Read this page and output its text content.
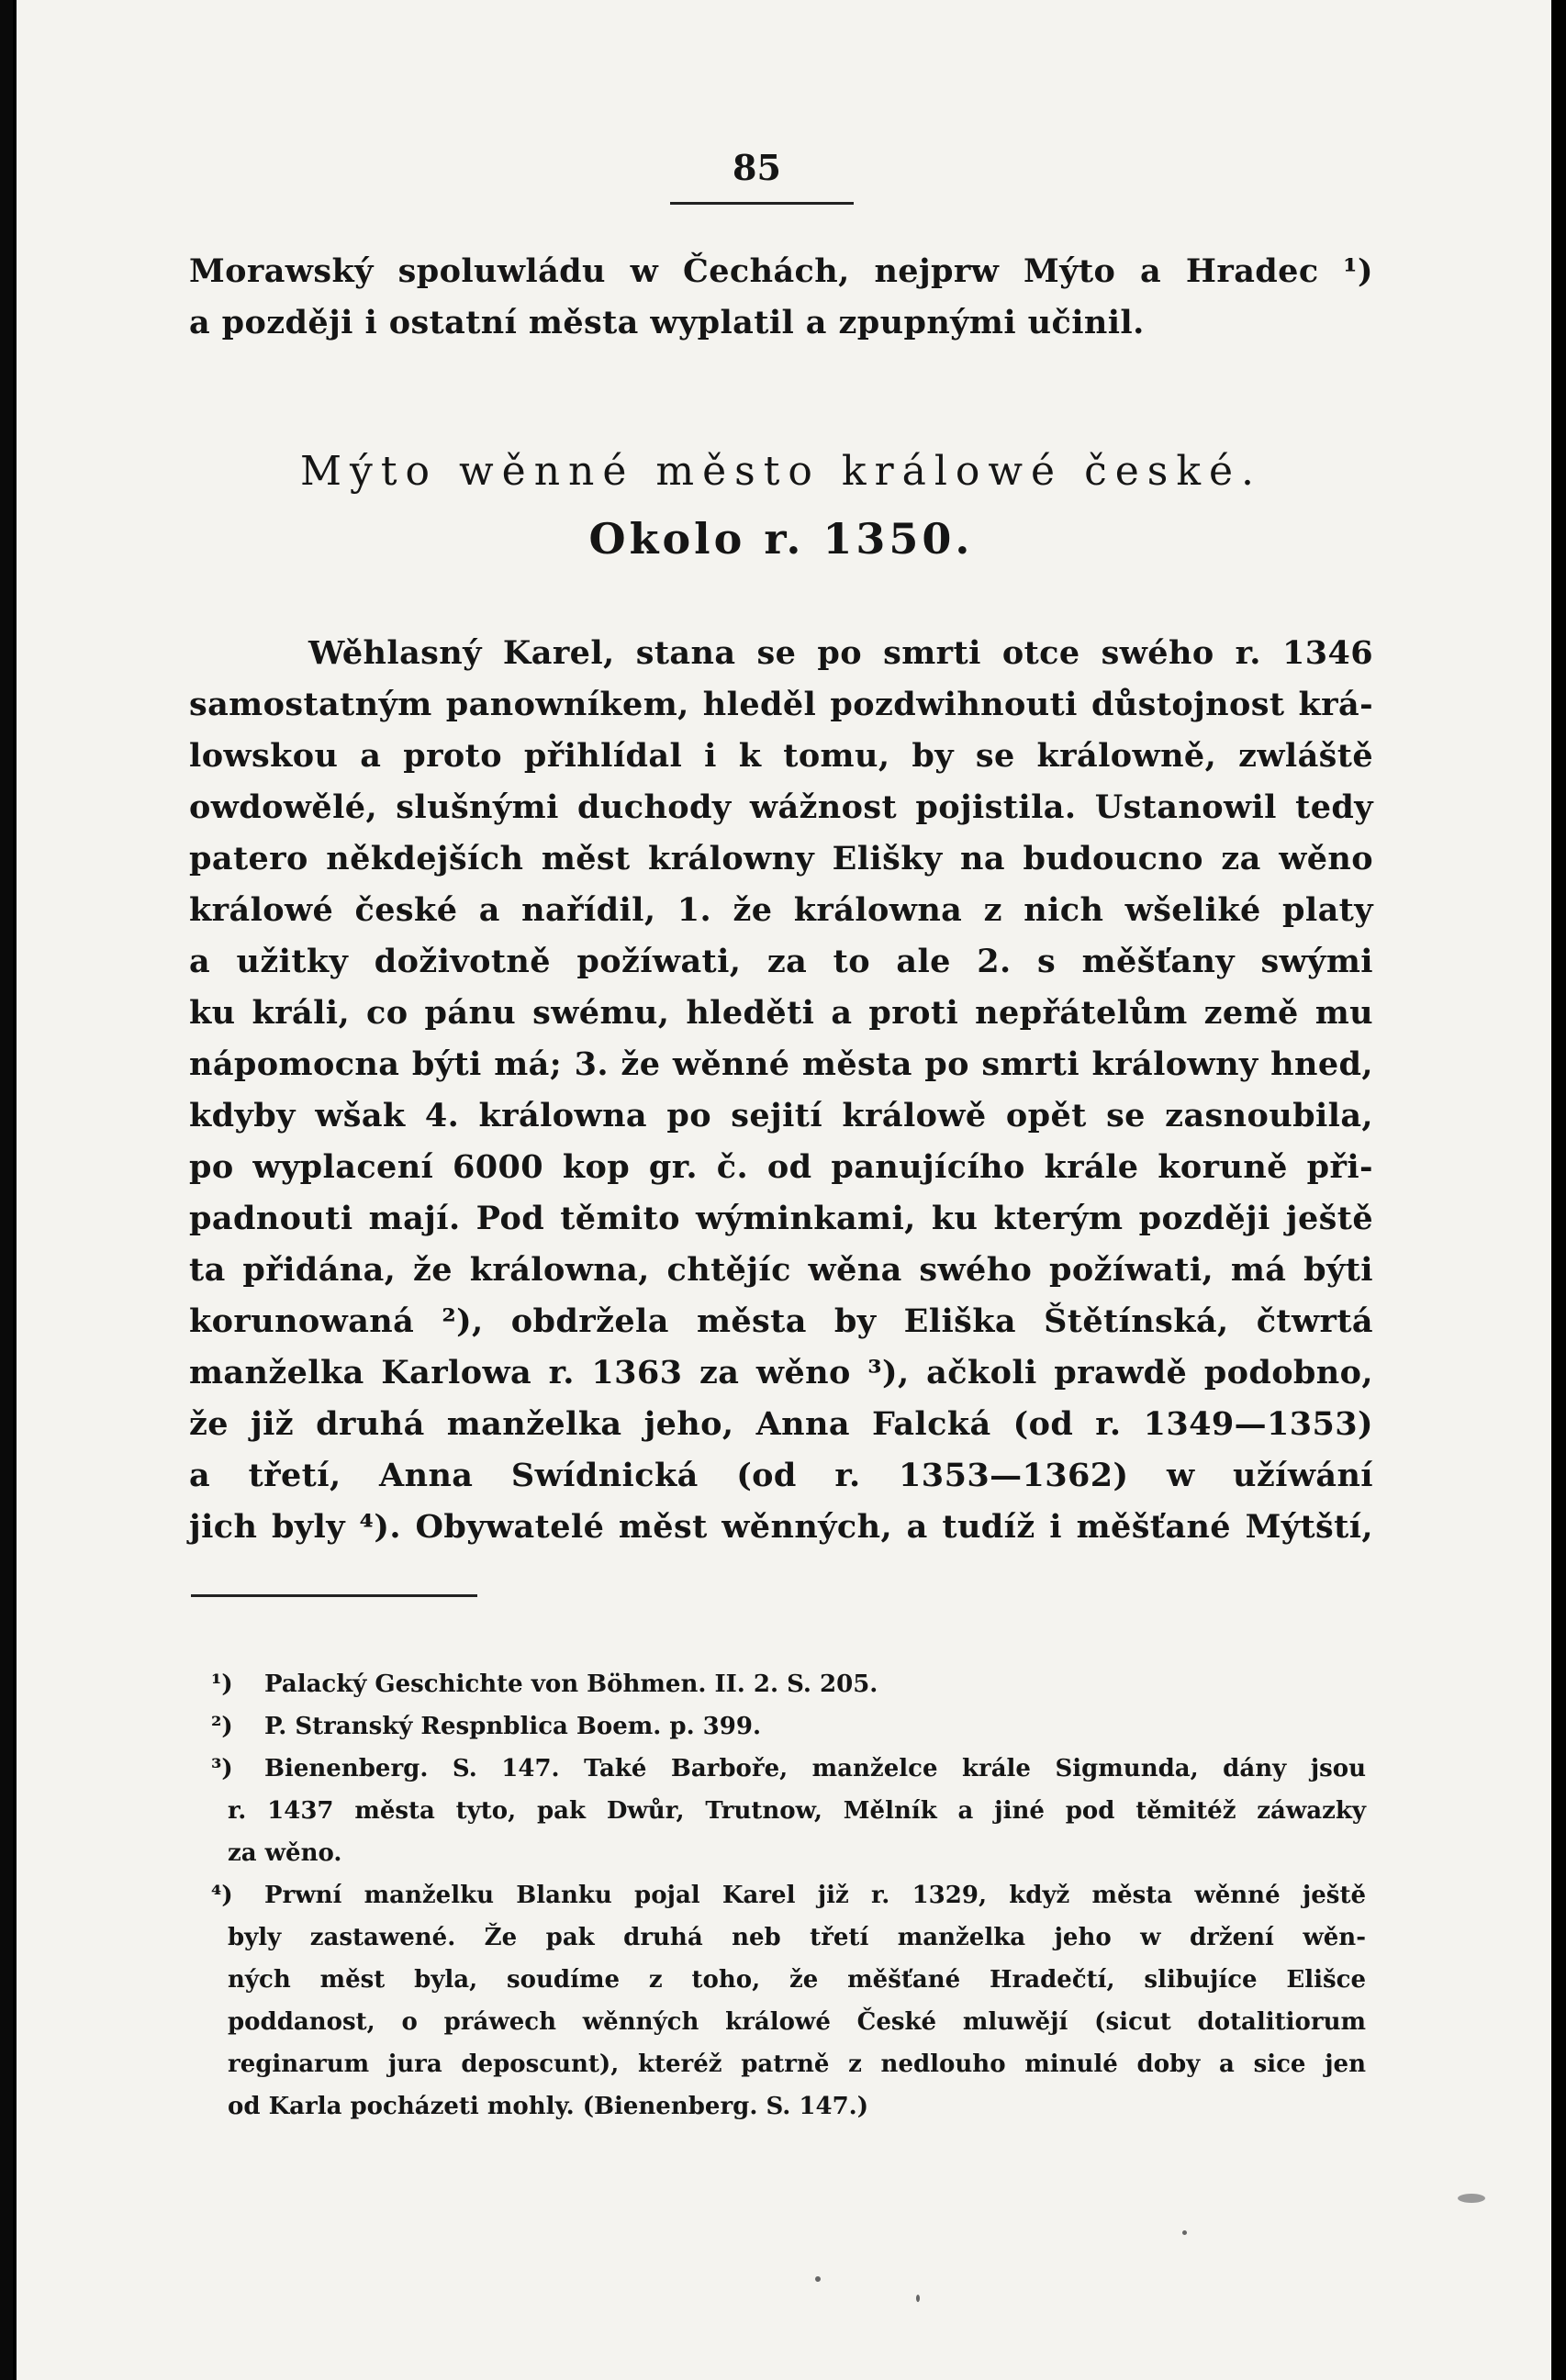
85

Morawský spoluwládu w Čechách, nejprw Mýto a Hradec ¹)
a později i ostatní města wyplatil a zpupnými učinil.

Mýto wěnné město králowé české.
Okolo r. 1350.

Wěhlasný Karel, stana se po smrti otce swého r. 1346
samostatným panowníkem, hleděl pozdwihnouti důstojnost krá-
lowskou a proto přihlídal i k tomu, by se králowně, zwláště
owdowělé, slušnými duchody wážnost pojistila. Ustanowil tedy
patero někdejších měst králowny Elišky na budoucno za wěno
králowé české a nařídil, 1. že králowna z nich wšeliké platy
a užitky doživotně požíwati, za to ale 2. s měšťany swými
ku králi, co pánu swému, hleděti a proti nepřátelům země mu
nápomocna býti má; 3. že wěnné města po smrti králowny hned,
kdyby wšak 4. králowna po sejití králowě opět se zasnoubila,
po wyplacení 6000 kop gr. č. od panujícího krále koruně při-
padnouti mají. Pod těmito wýminkami, ku kterým později ještě
ta přidána, že králowna, chtějíc wěna swého požíwati, má býti
korunowaná ²), obdržela města by Eliška Štětínská, čtwrtá
manželka Karlowa r. 1363 za wěno ³), ačkoli prawdě podobno,
že již druhá manželka jeho, Anna Falcká (od r. 1349—1353)
a třetí, Anna Swídnická (od r. 1353—1362) w užíwání
jich byly ⁴). Obywatelé měst wěnných, a tudíž i měšťané Mýtští,

¹) Palacký Geschichte von Böhmen. II. 2. S. 205.
²) P. Stranský Respnblica Boem. p. 399.
³) Bienenberg. S. 147. Také Barboře, manželce krále Sigmunda, dány jsou
r. 1437 města tyto, pak Dwůr, Trutnow, Mělník a jiné pod těmitéž záwazky
za wěno.
⁴) Prwní manželku Blanku pojal Karel již r. 1329, když města wěnné ještě
byly zastawené. Že pak druhá neb třetí manželka jeho w držení wěn-
ných měst byla, soudíme z toho, že měšťané Hradečtí, slibujíce Elišce
poddanost, o práwech wěnných králowé České mluwějí (sicut dotalitiorum
reginarum jura deposcunt), kteréž patrně z nedlouho minulé doby a sice jen
od Karla pocházeti mohly. (Bienenberg. S. 147.)
